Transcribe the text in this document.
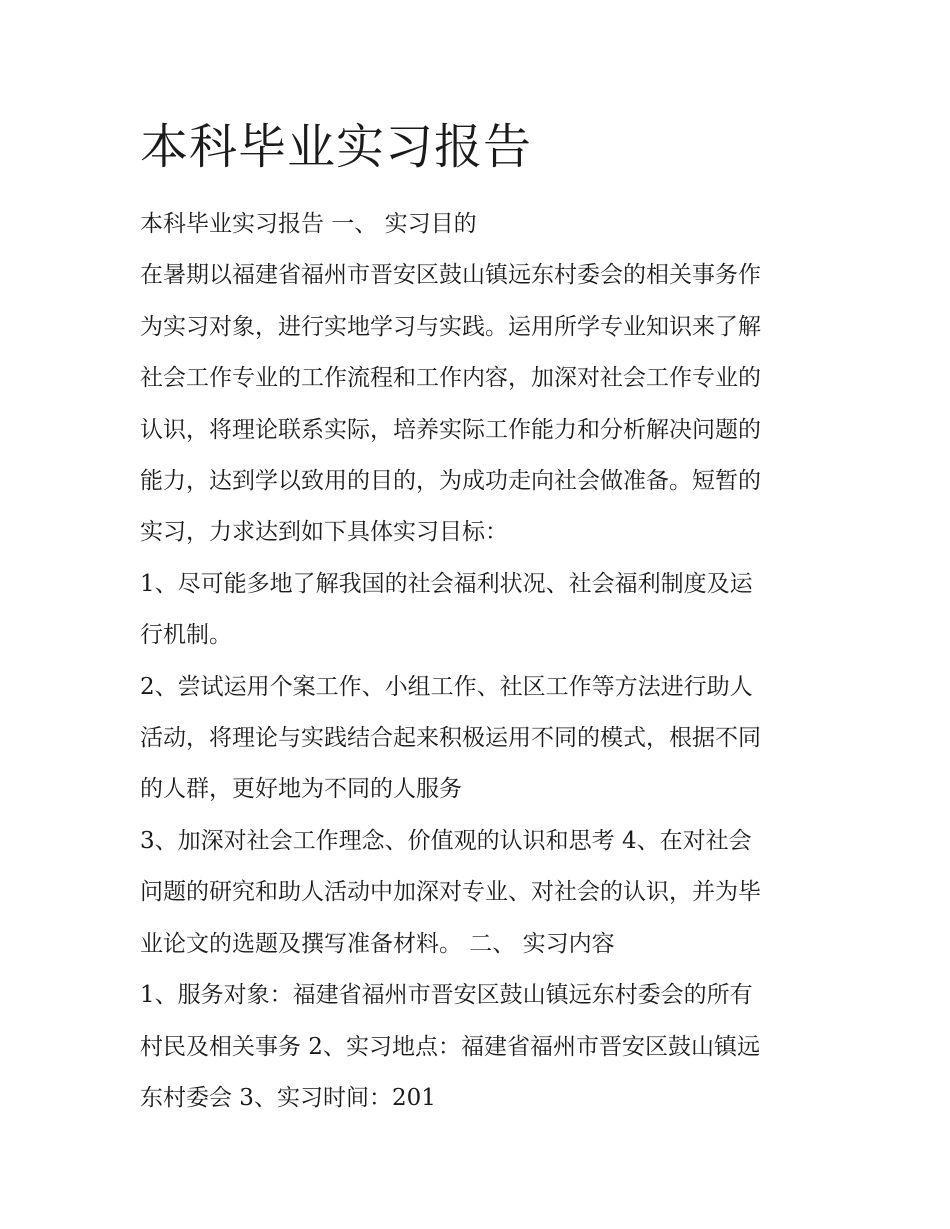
本科毕业实习报告

本科毕业实习报告 一、 实习目的

在暑期以福建省福州市晋安区鼓山镇远东村委会的相关事务作

为实习对象，进行实地学习与实践。运用所学专业知识来了解

社会工作专业的工作流程和工作内容，加深对社会工作专业的

认识，将理论联系实际，培养实际工作能力和分析解决问题的

能力，达到学以致用的目的，为成功走向社会做准备。短暂的

实习，力求达到如下具体实习目标：

1、尽可能多地了解我国的社会福利状况、社会福利制度及运

行机制。

2、尝试运用个案工作、小组工作、社区工作等方法进行助人

活动，将理论与实践结合起来积极运用不同的模式，根据不同

的人群，更好地为不同的人服务

3、加深对社会工作理念、价值观的认识和思考 4、在对社会

问题的研究和助人活动中加深对专业、对社会的认识，并为毕

业论文的选题及撰写准备材料。 二、 实习内容

1、服务对象：福建省福州市晋安区鼓山镇远东村委会的所有

村民及相关事务 2、实习地点：福建省福州市晋安区鼓山镇远

东村委会 3、实习时间：201
